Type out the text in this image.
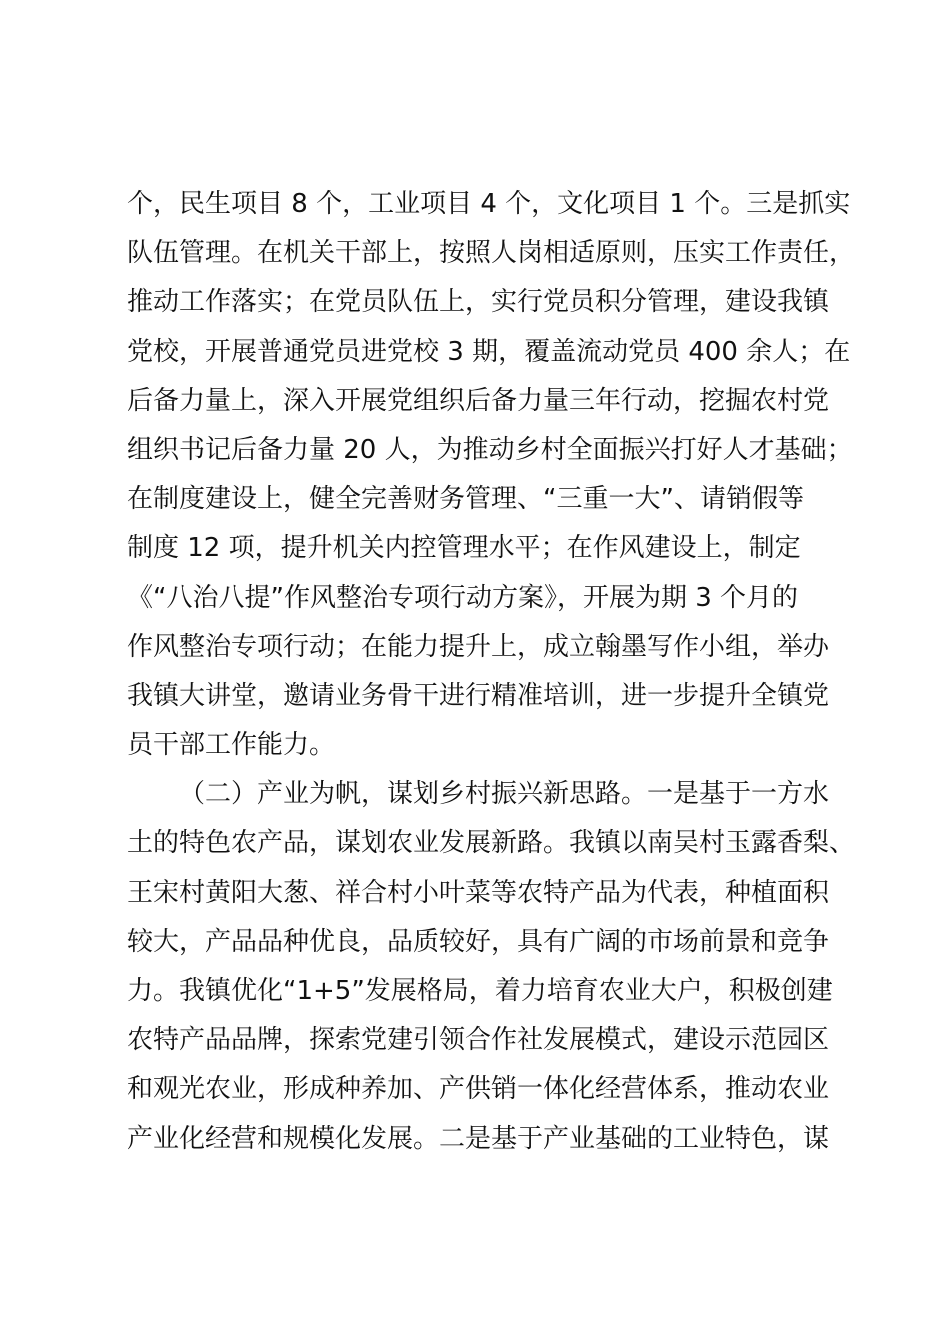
个，民生项目 8 个，工业项目 4 个，文化项目 1 个。三是抓实
队伍管理。在机关干部上，按照人岗相适原则，压实工作责任，
推动工作落实；在党员队伍上，实行党员积分管理，建设我镇
党校，开展普通党员进党校 3 期，覆盖流动党员 400 余人；在
后备力量上，深入开展党组织后备力量三年行动，挖掘农村党
组织书记后备力量 20 人，为推动乡村全面振兴打好人才基础；
在制度建设上，健全完善财务管理、“三重一大”、请销假等
制度 12 项，提升机关内控管理水平；在作风建设上，制定
《“八治八提”作风整治专项行动方案》，开展为期 3 个月的
作风整治专项行动；在能力提升上，成立翰墨写作小组，举办
我镇大讲堂，邀请业务骨干进行精准培训，进一步提升全镇党
员干部工作能力。
（二）产业为帆，谋划乡村振兴新思路。一是基于一方水
土的特色农产品，谋划农业发展新路。我镇以南吴村玉露香梨、
王宋村黄阳大葱、祥合村小叶菜等农特产品为代表，种植面积
较大，产品品种优良，品质较好，具有广阔的市场前景和竞争
力。我镇优化“1+5”发展格局，着力培育农业大户，积极创建
农特产品品牌，探索党建引领合作社发展模式，建设示范园区
和观光农业，形成种养加、产供销一体化经营体系，推动农业
产业化经营和规模化发展。二是基于产业基础的工业特色，谋
